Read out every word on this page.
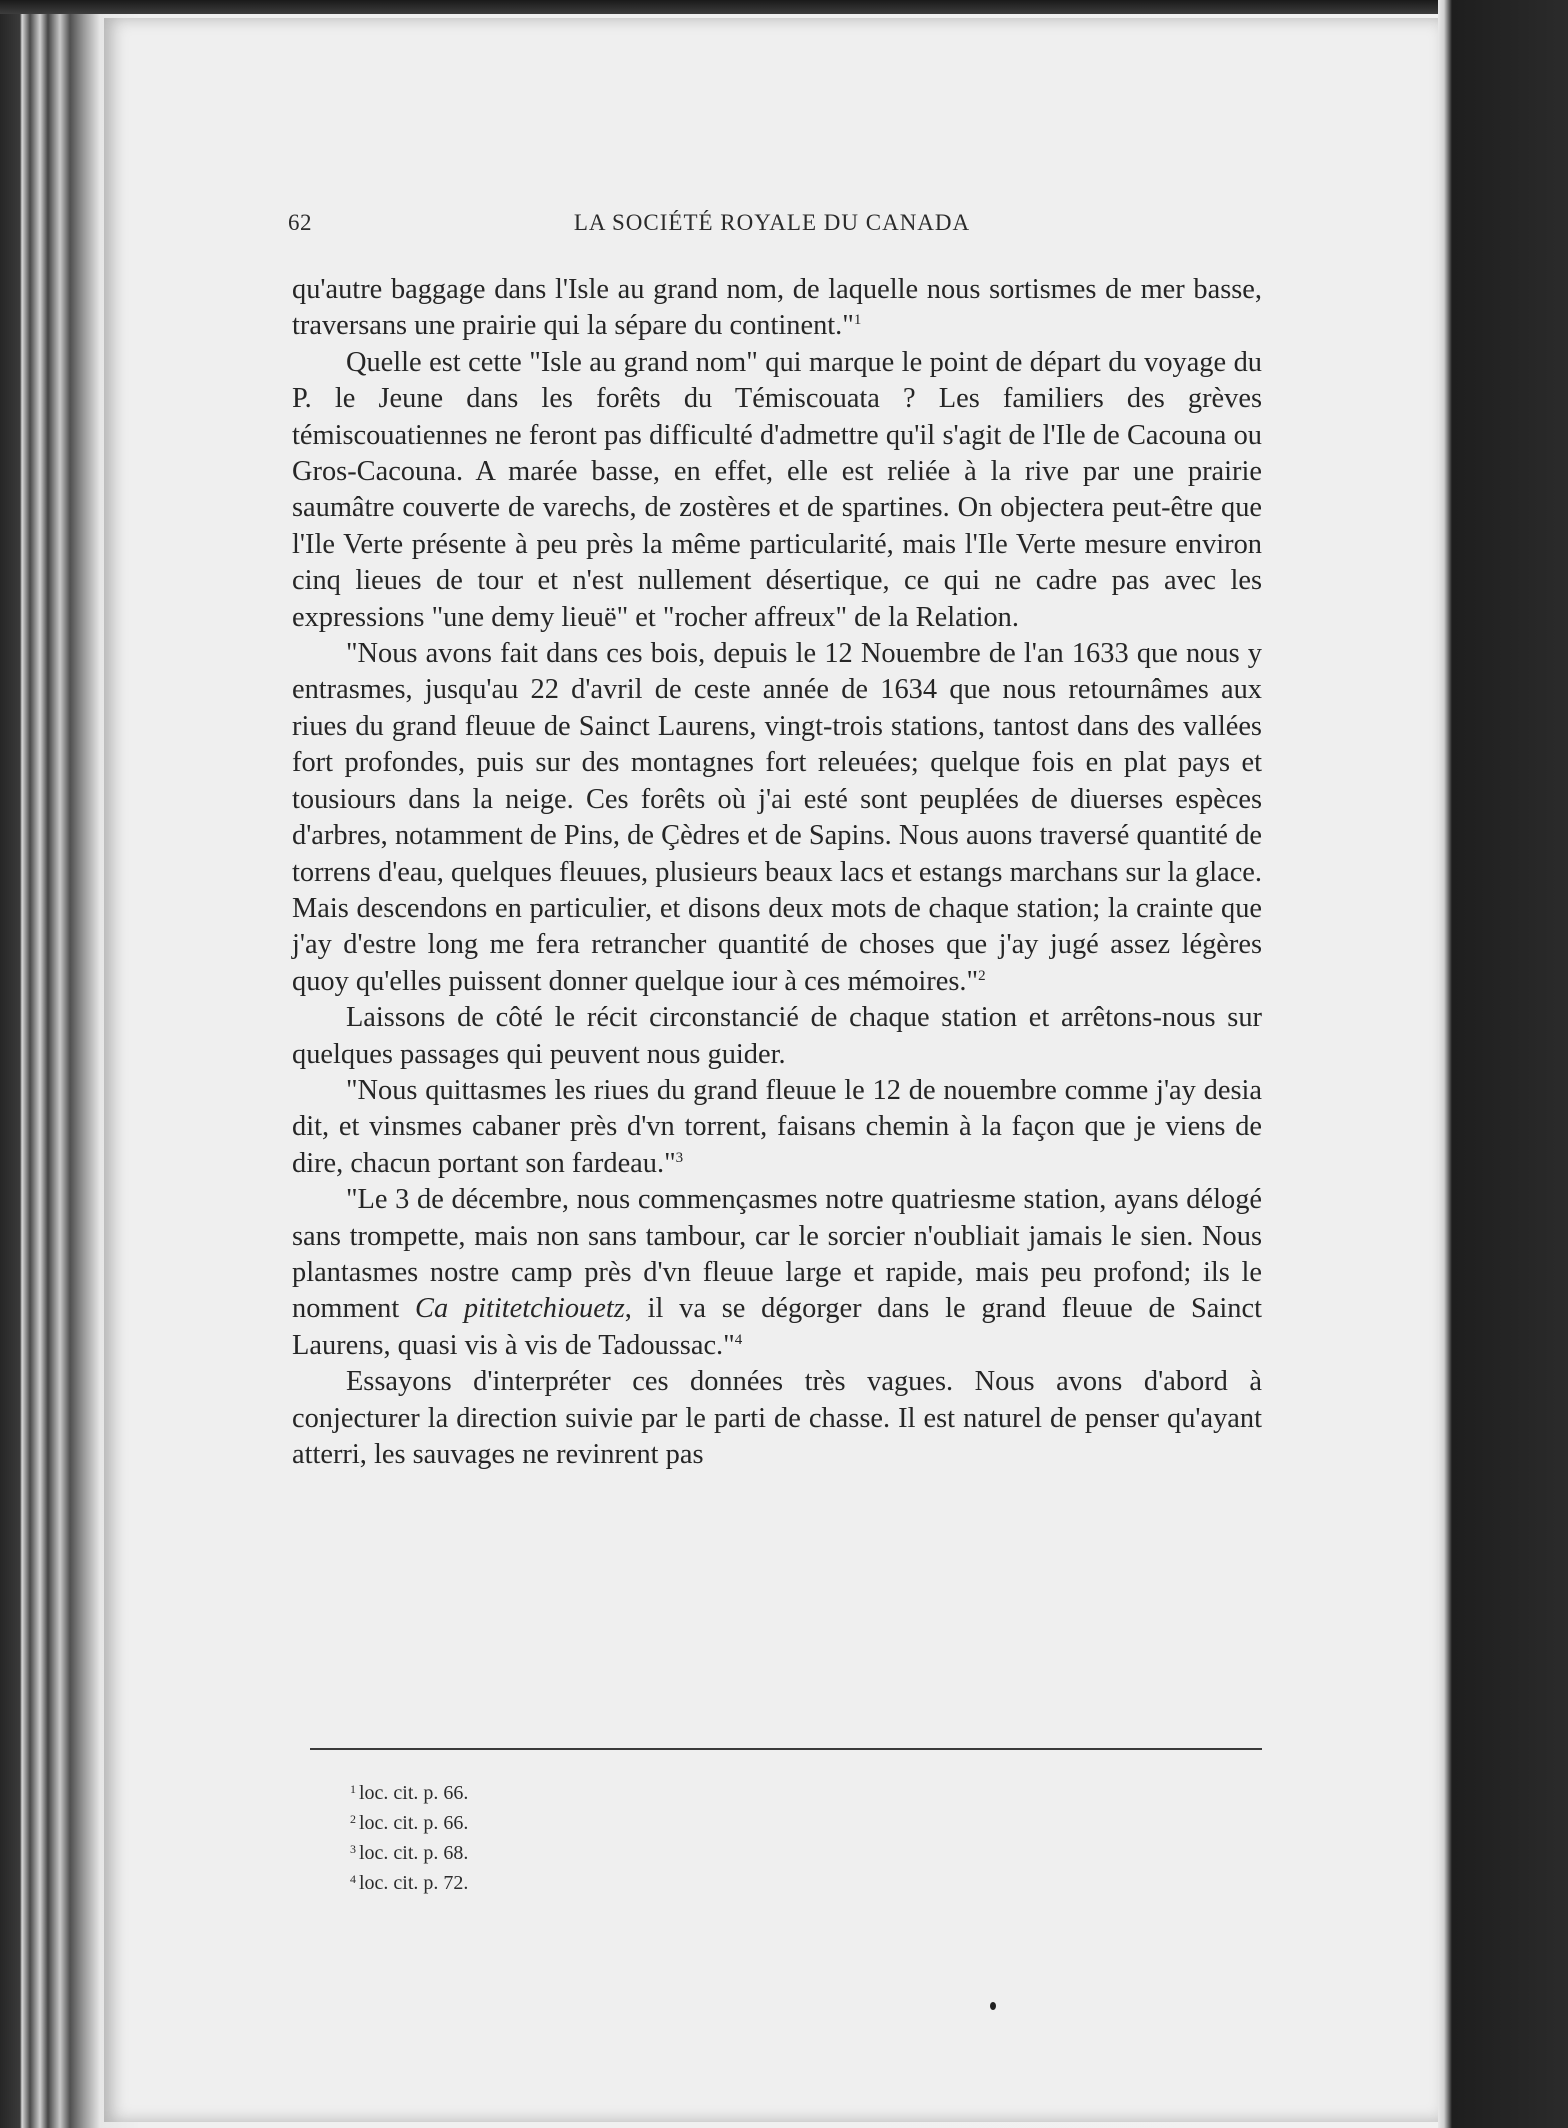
62	LA SOCIÉTÉ ROYALE DU CANADA

qu'autre baggage dans l'Isle au grand nom, de laquelle nous sortismes de mer basse, traversans une prairie qui la sépare du continent."$^1$

Quelle est cette "Isle au grand nom" qui marque le point de départ du voyage du P. le Jeune dans les forêts du Témiscouata ? Les familiers des grèves témiscouatiennes ne feront pas difficulté d'admettre qu'il s'agit de l'Ile de Cacouna ou Gros-Cacouna. A marée basse, en effet, elle est reliée à la rive par une prairie saumâtre couverte de varechs, de zostères et de spartines. On objectera peut-être que l'Ile Verte présente à peu près la même particularité, mais l'Ile Verte mesure environ cinq lieues de tour et n'est nullement désertique, ce qui ne cadre pas avec les expressions "une demy lieuë" et "rocher affreux" de la Relation.

"Nous avons fait dans ces bois, depuis le 12 Nouembre de l'an 1633 que nous y entrasmes, jusqu'au 22 d'avril de ceste année de 1634 que nous retournâmes aux riues du grand fleuue de Sainct Laurens, vingt-trois stations, tantost dans des vallées fort profondes, puis sur des montagnes fort releuées; quelque fois en plat pays et tousiours dans la neige. Ces forêts où j'ai esté sont peuplées de diuerses espèces d'arbres, notamment de Pins, de Çèdres et de Sapins. Nous auons traversé quantité de torrens d'eau, quelques fleuues, plusieurs beaux lacs et estangs marchans sur la glace. Mais descendons en particulier, et disons deux mots de chaque station; la crainte que j'ay d'estre long me fera retrancher quantité de choses que j'ay jugé assez légères quoy qu'elles puissent donner quelque iour à ces mémoires."$^2$

Laissons de côté le récit circonstancié de chaque station et arrêtons-nous sur quelques passages qui peuvent nous guider.

"Nous quittasmes les riues du grand fleuue le 12 de nouembre comme j'ay desia dit, et vinsmes cabaner près d'vn torrent, faisans chemin à la façon que je viens de dire, chacun portant son fardeau."$^3$

"Le 3 de décembre, nous commençasmes notre quatriesme station, ayans délogé sans trompette, mais non sans tambour, car le sorcier n'oubliait jamais le sien. Nous plantasmes nostre camp près d'vn fleuue large et rapide, mais peu profond; ils le nomment Ca pititetchiouetz, il va se dégorger dans le grand fleuue de Sainct Laurens, quasi vis à vis de Tadoussac."$^4$

Essayons d'interpréter ces données très vagues. Nous avons d'abord à conjecturer la direction suivie par le parti de chasse. Il est naturel de penser qu'ayant atterri, les sauvages ne revinrent pas

$^1$ loc. cit. p. 66.
$^2$ loc. cit. p. 66.
$^3$ loc. cit. p. 68.
$^4$ loc. cit. p. 72.
